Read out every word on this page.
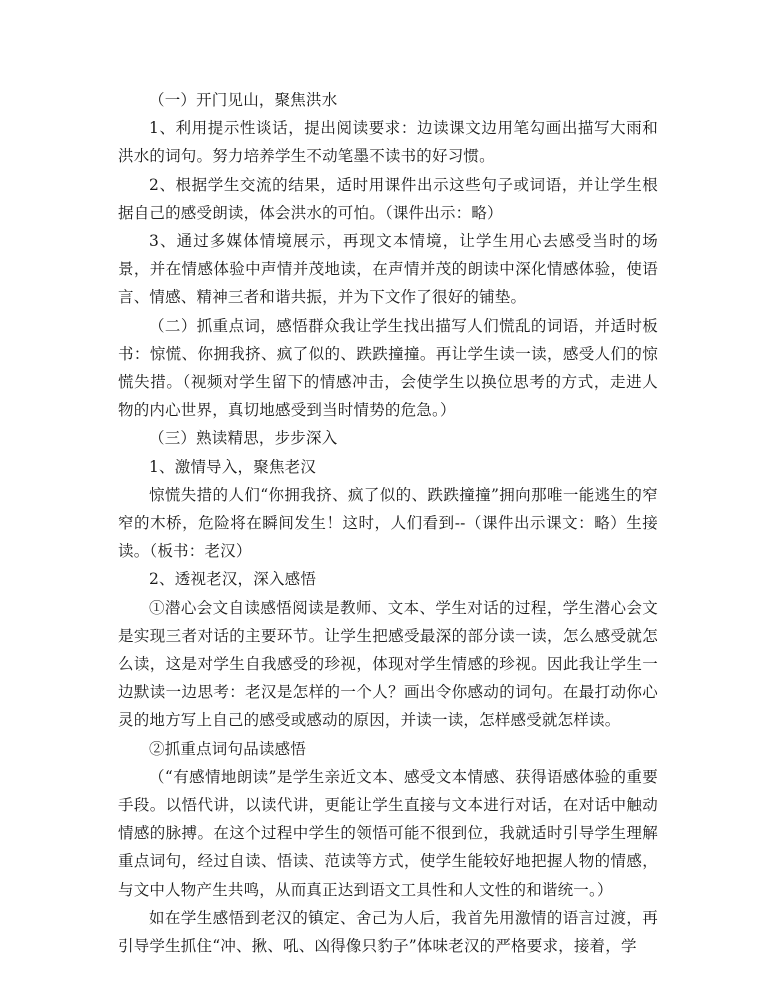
（一）开门见山，聚焦洪水

1、利用提示性谈话，提出阅读要求：边读课文边用笔勾画出描写大雨和洪水的词句。努力培养学生不动笔墨不读书的好习惯。

2、根据学生交流的结果，适时用课件出示这些句子或词语，并让学生根据自己的感受朗读，体会洪水的可怕。（课件出示：略）

3、通过多媒体情境展示，再现文本情境，让学生用心去感受当时的场景，并在情感体验中声情并茂地读，在声情并茂的朗读中深化情感体验，使语言、情感、精神三者和谐共振，并为下文作了很好的铺垫。

（二）抓重点词，感悟群众我让学生找出描写人们慌乱的词语，并适时板书：惊慌、你拥我挤、疯了似的、跌跌撞撞。再让学生读一读，感受人们的惊慌失措。（视频对学生留下的情感冲击，会使学生以换位思考的方式，走进人物的内心世界，真切地感受到当时情势的危急。）

（三）熟读精思，步步深入

1、激情导入，聚焦老汉

惊慌失措的人们“你拥我挤、疯了似的、跌跌撞撞”拥向那唯一能逃生的窄窄的木桥，危险将在瞬间发生！这时，人们看到--（课件出示课文：略）生接读。（板书：老汉）

2、透视老汉，深入感悟

①潜心会文自读感悟阅读是教师、文本、学生对话的过程，学生潜心会文是实现三者对话的主要环节。让学生把感受最深的部分读一读，怎么感受就怎么读，这是对学生自我感受的珍视，体现对学生情感的珍视。因此我让学生一边默读一边思考：老汉是怎样的一个人？画出令你感动的词句。在最打动你心灵的地方写上自己的感受或感动的原因，并读一读，怎样感受就怎样读。

②抓重点词句品读感悟

（“有感情地朗读”是学生亲近文本、感受文本情感、获得语感体验的重要手段。以悟代讲，以读代讲，更能让学生直接与文本进行对话，在对话中触动情感的脉搏。在这个过程中学生的领悟可能不很到位，我就适时引导学生理解重点词句，经过自读、悟读、范读等方式，使学生能较好地把握人物的情感，与文中人物产生共鸣，从而真正达到语文工具性和人文性的和谐统一。）

如在学生感悟到老汉的镇定、舍己为人后，我首先用激情的语言过渡，再引导学生抓住“冲、揪、吼、凶得像只豹子”体味老汉的严格要求，接着，学
